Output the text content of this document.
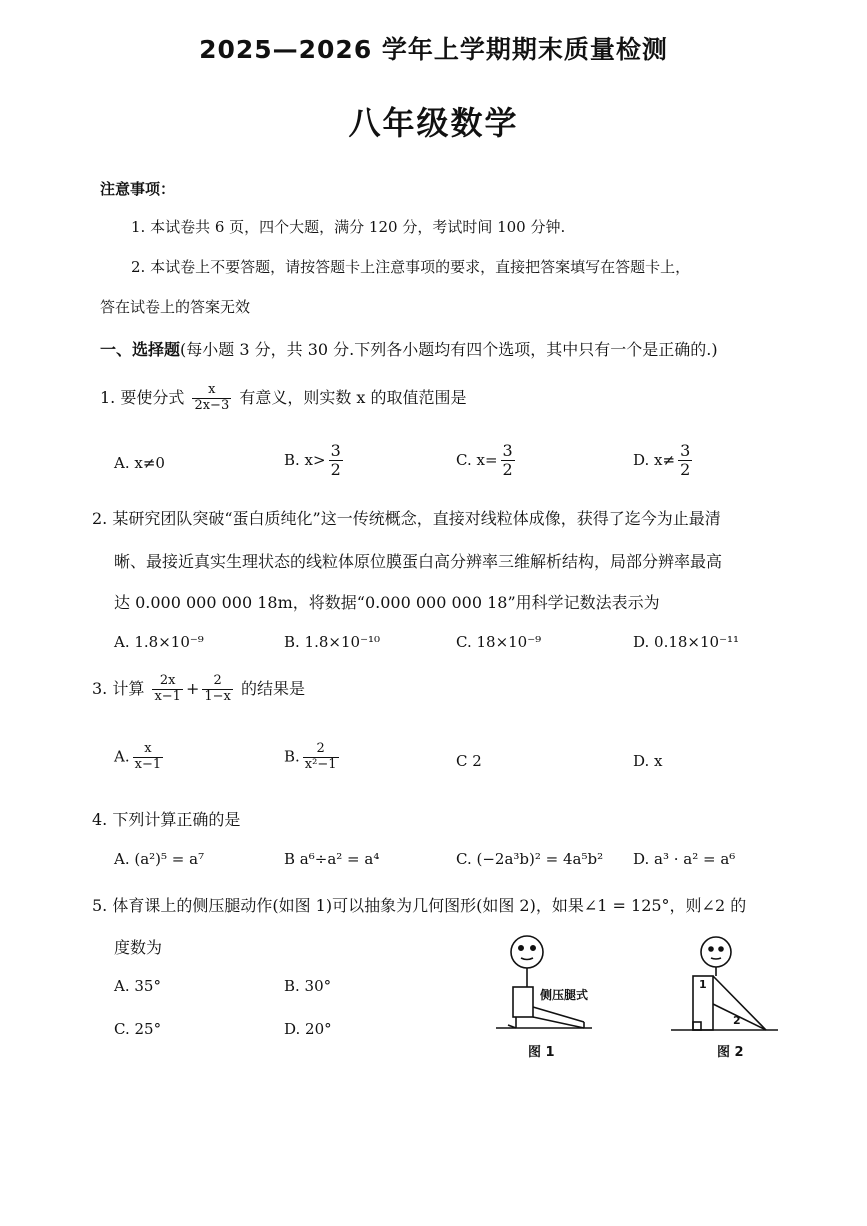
2025—2026 学年上学期期末质量检测
八年级数学
注意事项：
1. 本试卷共 6 页，四个大题，满分 120 分，考试时间 100 分钟.
2. 本试卷上不要答题，请按答题卡上注意事项的要求，直接把答案填写在答题卡上，
答在试卷上的答案无效
一、选择题(每小题 3 分，共 30 分.下列各小题均有四个选项，其中只有一个是正确的.)
1. 要使分式 $\frac{x}{2x-3}$ 有意义，则实数 x 的取值范围是
A. x≠0	B. $x> \frac{3}{2}$	C. $x= \frac{3}{2}$	D. $x\ne \frac{3}{2}$
2. 某研究团队突破“蛋白质纯化”这一传统概念，直接对线粒体成像，获得了迄今为止最清
晰、最接近真实生理状态的线粒体原位膜蛋白高分辨率三维解析结构，局部分辨率最高
达 0.000 000 000 18m，将数据“0.000 000 000 18”用科学记数法表示为
A. 1.8×10⁻⁹	B. 1.8×10⁻¹⁰	C. 18×10⁻⁹	D. 0.18×10⁻¹¹
3. 计算 $\frac{2x}{x-1} + \frac{2}{1-x}$ 的结果是
A. $\frac{x}{x-1}$	B. $\frac{2}{\text{x²−1}}$	C 2	D. x
4. 下列计算正确的是
A. (a²)⁵ = a⁷	B a⁶÷a² = a⁴	C. (−2a³b)² = 4a⁵b² D. a³ · a² = a⁶
5. 体育课上的侧压腿动作(如图 1)可以抽象为几何图形(如图 2)，如果∠1 = 125°，则∠2 的
度数为
A. 35°	B. 30°
C. 25°	D. 20°
侧压腿式
图 1
1
2
图 2
